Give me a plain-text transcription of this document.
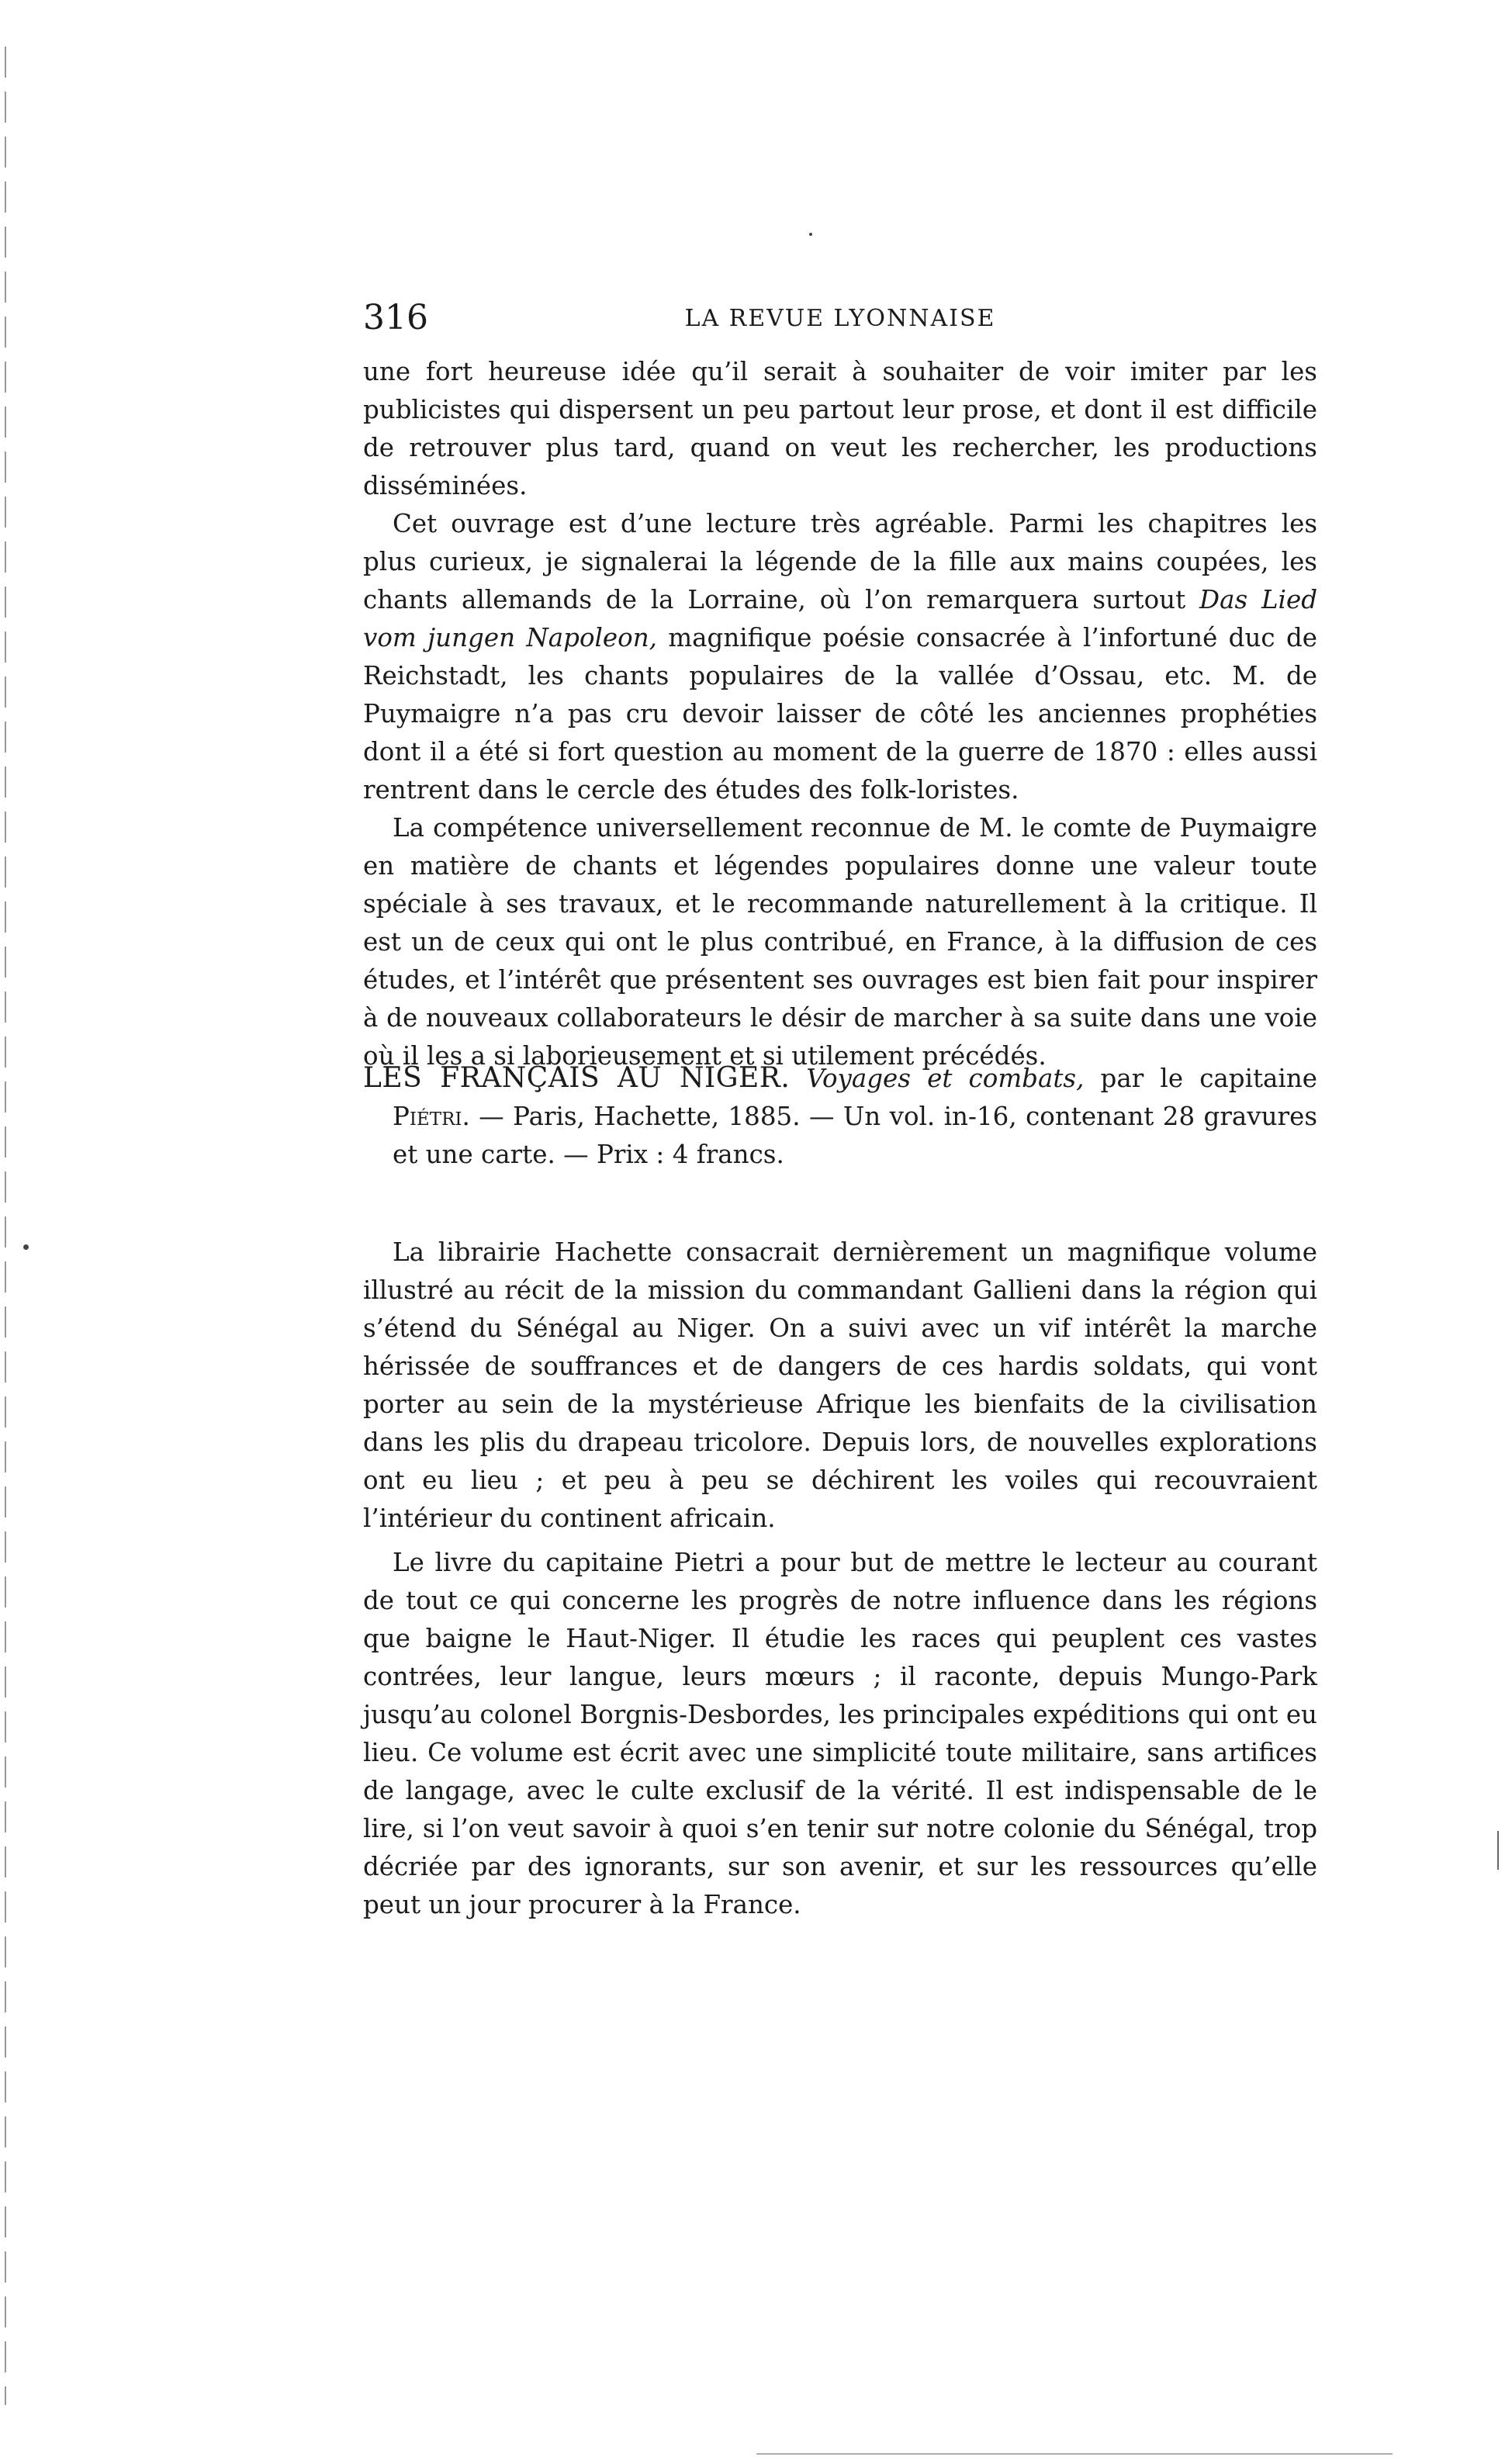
316	LA REVUE LYONNAISE

une fort heureuse idée qu’il serait à souhaiter de voir imiter par les publicistes qui dispersent un peu partout leur prose, et dont il est difficile de retrouver plus tard, quand on veut les rechercher, les productions disséminées.

Cet ouvrage est d’une lecture très agréable. Parmi les chapitres les plus curieux, je signalerai la légende de la fille aux mains coupées, les chants allemands de la Lorraine, où l’on remarquera surtout Das Lied vom jungen Napoleon, magnifique poésie consacrée à l’infortuné duc de Reichstadt, les chants populaires de la vallée d’Ossau, etc. M. de Puymaigre n’a pas cru devoir laisser de côté les anciennes prophéties dont il a été si fort question au moment de la guerre de 1870 : elles aussi rentrent dans le cercle des études des folk-loristes.

La compétence universellement reconnue de M. le comte de Puymaigre en matière de chants et légendes populaires donne une valeur toute spéciale à ses travaux, et le recommande naturellement à la critique. Il est un de ceux qui ont le plus contribué, en France, à la diffusion de ces études, et l’intérêt que présentent ses ouvrages est bien fait pour inspirer à de nouveaux collaborateurs le désir de marcher à sa suite dans une voie où il les a si laborieusement et si utilement précédés.

LES FRANÇAIS AU NIGER. Voyages et combats, par le capitaine Piétri. — Paris, Hachette, 1885. — Un vol. in-16, contenant 28 gravures et une carte. — Prix : 4 francs.

La librairie Hachette consacrait dernièrement un magnifique volume illustré au récit de la mission du commandant Gallieni dans la région qui s’étend du Sénégal au Niger. On a suivi avec un vif intérêt la marche hérissée de souffrances et de dangers de ces hardis soldats, qui vont porter au sein de la mystérieuse Afrique les bienfaits de la civilisation dans les plis du drapeau tricolore. Depuis lors, de nouvelles explorations ont eu lieu ; et peu à peu se déchirent les voiles qui recouvraient l’intérieur du continent africain.

Le livre du capitaine Pietri a pour but de mettre le lecteur au courant de tout ce qui concerne les progrès de notre influence dans les régions que baigne le Haut-Niger. Il étudie les races qui peuplent ces vastes contrées, leur langue, leurs mœurs ; il raconte, depuis Mungo-Park jusqu’au colonel Borgnis-Desbordes, les principales expéditions qui ont eu lieu. Ce volume est écrit avec une simplicité toute militaire, sans artifices de langage, avec le culte exclusif de la vérité. Il est indispensable de le lire, si l’on veut savoir à quoi s’en tenir sur notre colonie du Sénégal, trop décriée par des ignorants, sur son avenir, et sur les ressources qu’elle peut un jour procurer à la France.
